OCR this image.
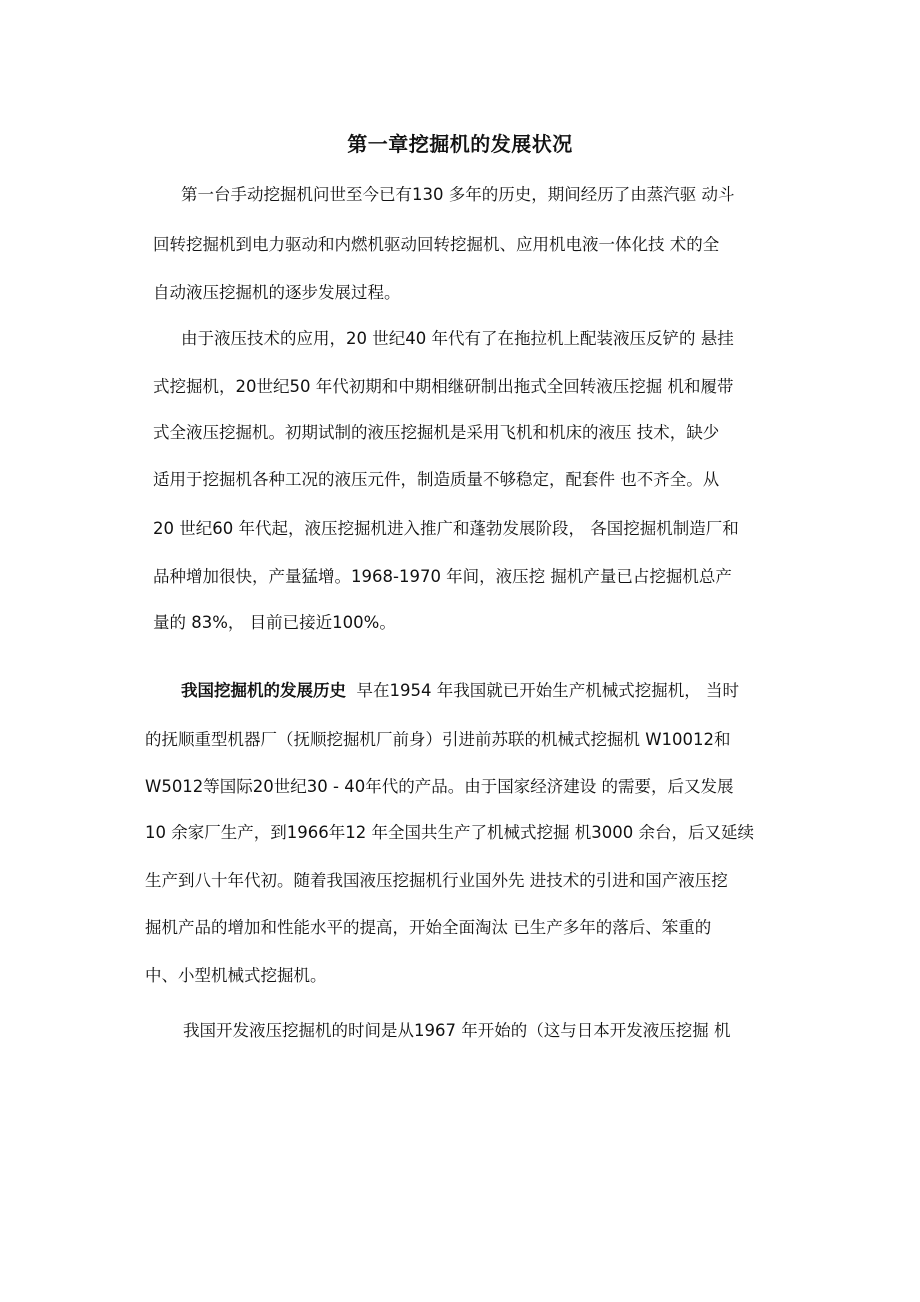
第一章挖掘机的发展状况
第一台手动挖掘机问世至今已有130 多年的历史，期间经历了由蒸汽驱 动斗
回转挖掘机到电力驱动和内燃机驱动回转挖掘机、应用机电液一体化技 术的全
自动液压挖掘机的逐步发展过程。
由于液压技术的应用，20 世纪40 年代有了在拖拉机上配装液压反铲的 悬挂
式挖掘机，20世纪50 年代初期和中期相继研制出拖式全回转液压挖掘 机和履带
式全液压挖掘机。初期试制的液压挖掘机是采用飞机和机床的液压 技术，缺少
适用于挖掘机各种工况的液压元件，制造质量不够稳定，配套件 也不齐全。从
20 世纪60 年代起，液压挖掘机进入推广和蓬勃发展阶段， 各国挖掘机制造厂和
品种增加很快，产量猛增。1968-1970 年间，液压挖 掘机产量已占挖掘机总产
量的 83%， 目前已接近100%。
我国挖掘机的发展历史 早在1954 年我国就已开始生产机械式挖掘机， 当时
的抚顺重型机器厂（抚顺挖掘机厂前身）引进前苏联的机械式挖掘机 W10012和
W5012等国际20世纪30 - 40年代的产品。由于国家经济建设 的需要，后又发展
10 余家厂生产，到1966年12 年全国共生产了机械式挖掘 机3000 余台，后又延续
生产到八十年代初。随着我国液压挖掘机行业国外先 进技术的引进和国产液压挖
掘机产品的增加和性能水平的提高，开始全面淘汰 已生产多年的落后、笨重的
中、小型机械式挖掘机。
我国开发液压挖掘机的时间是从1967 年开始的（这与日本开发液压挖掘 机
